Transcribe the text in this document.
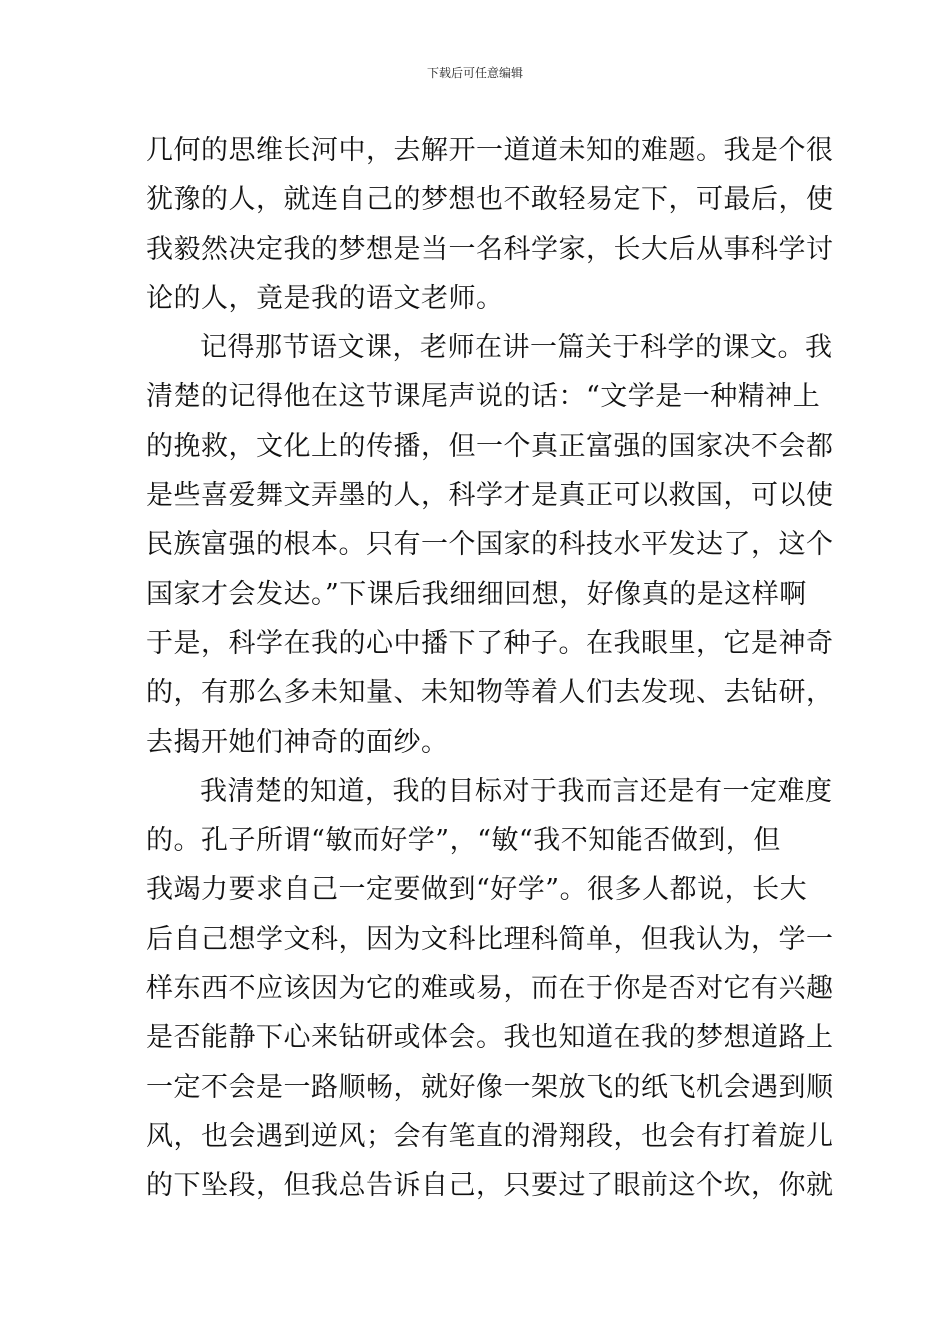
下载后可任意编辑
几何的思维长河中，去解开一道道未知的难题。我是个很
犹豫的人，就连自己的梦想也不敢轻易定下，可最后，使
我毅然决定我的梦想是当一名科学家，长大后从事科学讨
论的人，竟是我的语文老师。
记得那节语文课，老师在讲一篇关于科学的课文。我
清楚的记得他在这节课尾声说的话：“文学是一种精神上
的挽救，文化上的传播，但一个真正富强的国家决不会都
是些喜爱舞文弄墨的人，科学才是真正可以救国，可以使
民族富强的根本。只有一个国家的科技水平发达了，这个
国家才会发达。”下课后我细细回想，好像真的是这样啊
于是，科学在我的心中播下了种子。在我眼里，它是神奇
的，有那么多未知量、未知物等着人们去发现、去钻研，
去揭开她们神奇的面纱。
我清楚的知道，我的目标对于我而言还是有一定难度
的。孔子所谓“敏而好学”，“敏“我不知能否做到，但
我竭力要求自己一定要做到“好学”。很多人都说，长大
后自己想学文科，因为文科比理科简单，但我认为，学一
样东西不应该因为它的难或易，而在于你是否对它有兴趣
是否能静下心来钻研或体会。我也知道在我的梦想道路上
一定不会是一路顺畅，就好像一架放飞的纸飞机会遇到顺
风，也会遇到逆风；会有笔直的滑翔段，也会有打着旋儿
的下坠段，但我总告诉自己，只要过了眼前这个坎，你就
